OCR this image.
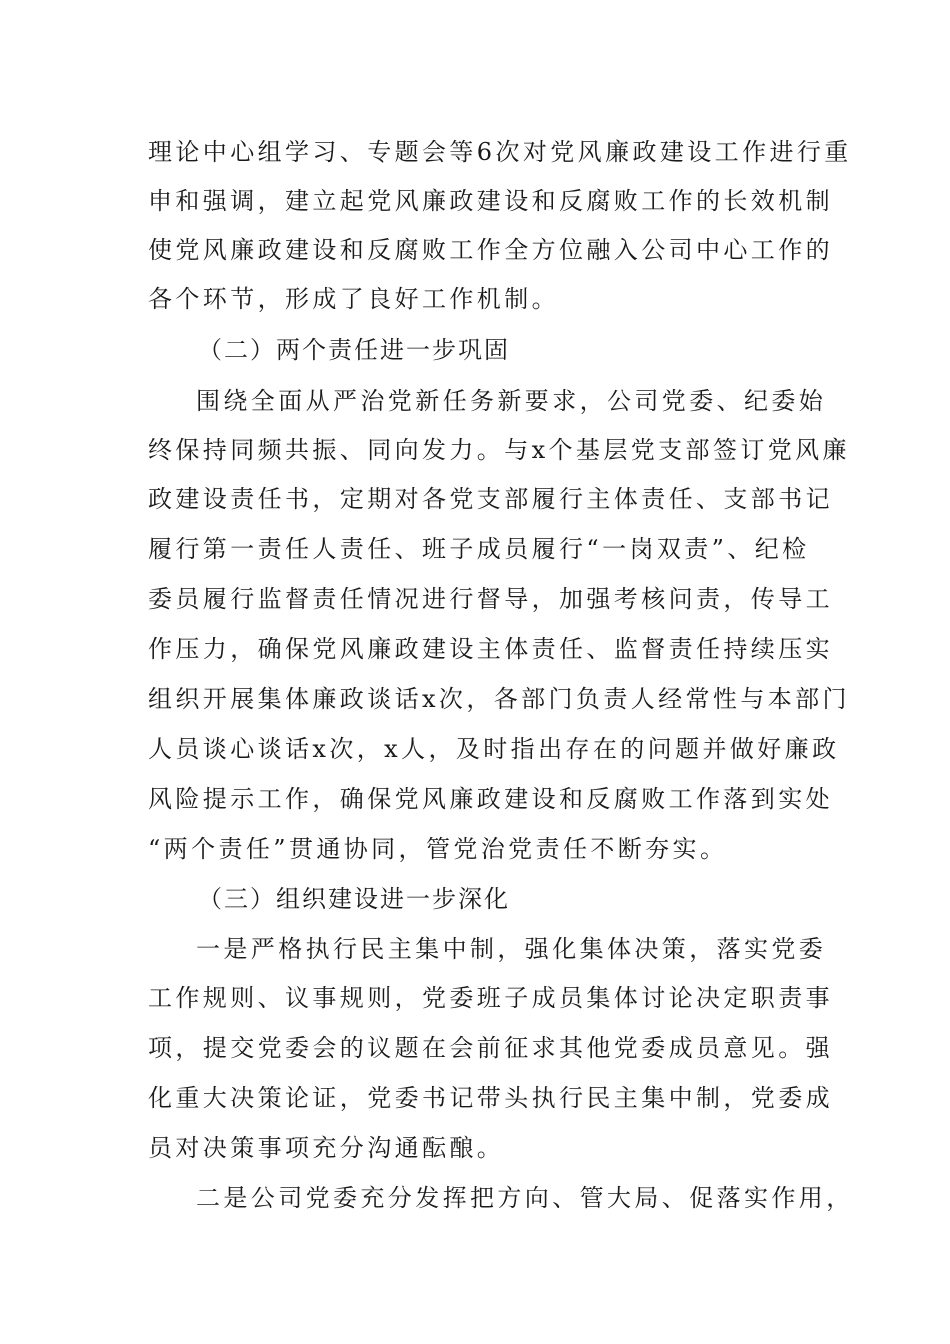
理论中心组学习、专题会等6次对党风廉政建设工作进行重
申和强调，建立起党风廉政建设和反腐败工作的长效机制
使党风廉政建设和反腐败工作全方位融入公司中心工作的
各个环节，形成了良好工作机制。
（二）两个责任进一步巩固
围绕全面从严治党新任务新要求，公司党委、纪委始
终保持同频共振、同向发力。与x个基层党支部签订党风廉
政建设责任书，定期对各党支部履行主体责任、支部书记
履行第一责任人责任、班子成员履行“一岗双责”、纪检
委员履行监督责任情况进行督导，加强考核问责，传导工
作压力，确保党风廉政建设主体责任、监督责任持续压实
组织开展集体廉政谈话x次，各部门负责人经常性与本部门
人员谈心谈话x次，x人，及时指出存在的问题并做好廉政
风险提示工作，确保党风廉政建设和反腐败工作落到实处
“两个责任”贯通协同，管党治党责任不断夯实。
（三）组织建设进一步深化
一是严格执行民主集中制，强化集体决策，落实党委
工作规则、议事规则，党委班子成员集体讨论决定职责事
项，提交党委会的议题在会前征求其他党委成员意见。强
化重大决策论证，党委书记带头执行民主集中制，党委成
员对决策事项充分沟通酝酿。
二是公司党委充分发挥把方向、管大局、促落实作用，
